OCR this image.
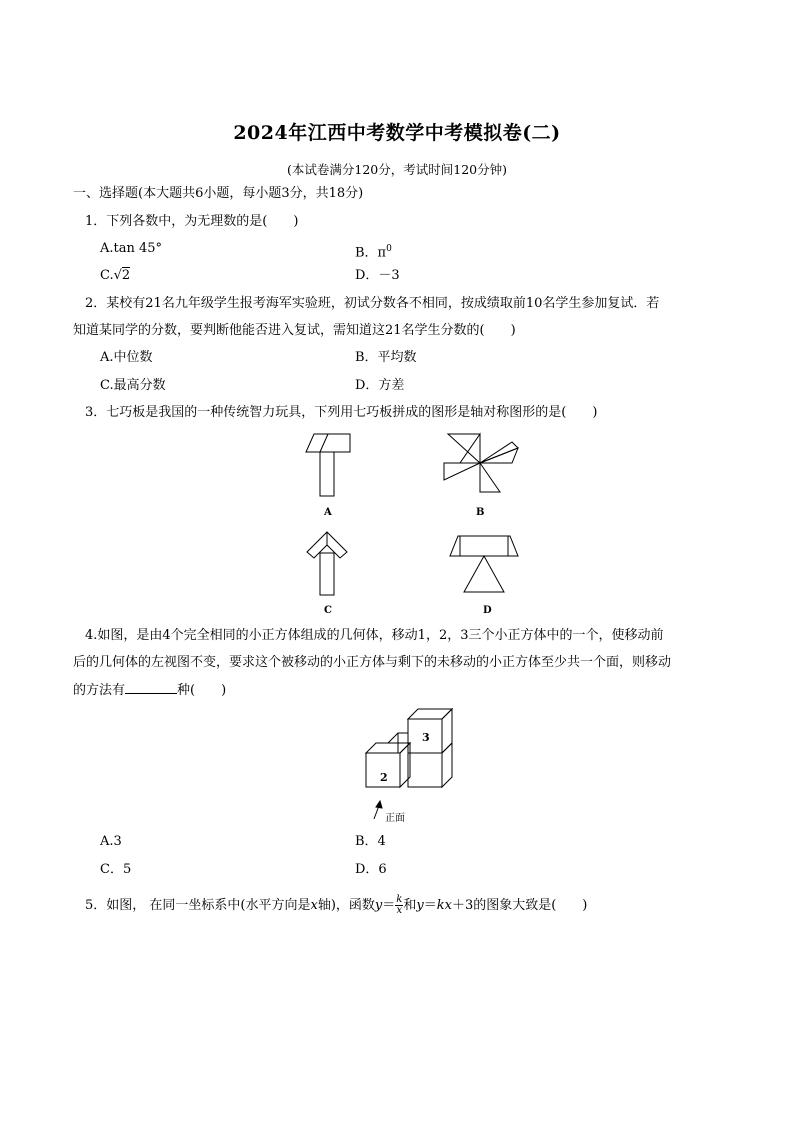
2024年江西中考数学中考模拟卷(二)
(本试卷满分120分，考试时间120分钟)
一、选择题(本大题共6小题，每小题3分，共18分)
1．下列各数中，为无理数的是(　　)
A.tan 45°	B．$\pi^0$
C.√2	D．－3
2．某校有21名九年级学生报考海军实验班，初试分数各不相同，按成绩取前10名学生参加复试．若
知道某同学的分数，要判断他能否进入复试，需知道这21名学生分数的(　　)
A.中位数	B．平均数
C.最高分数	D．方差
3．七巧板是我国的一种传统智力玩具，下列用七巧板拼成的图形是轴对称图形的是(　　)
A	B
C	D
4.如图，是由4个完全相同的小正方体组成的几何体，移动1，2，3三个小正方体中的一个，使移动前
后的几何体的左视图不变，要求这个被移动的小正方体与剩下的未移动的小正方体至少共一个面，则移动
的方法有	种(　　)
3
2
正面
A.3	B．4
C．5	D．6
5．如图， 在同一坐标系中(水平方向是x轴)，函数$y= \frac{k}{x}$ 和y＝kx＋3的图象大致是(　　)
